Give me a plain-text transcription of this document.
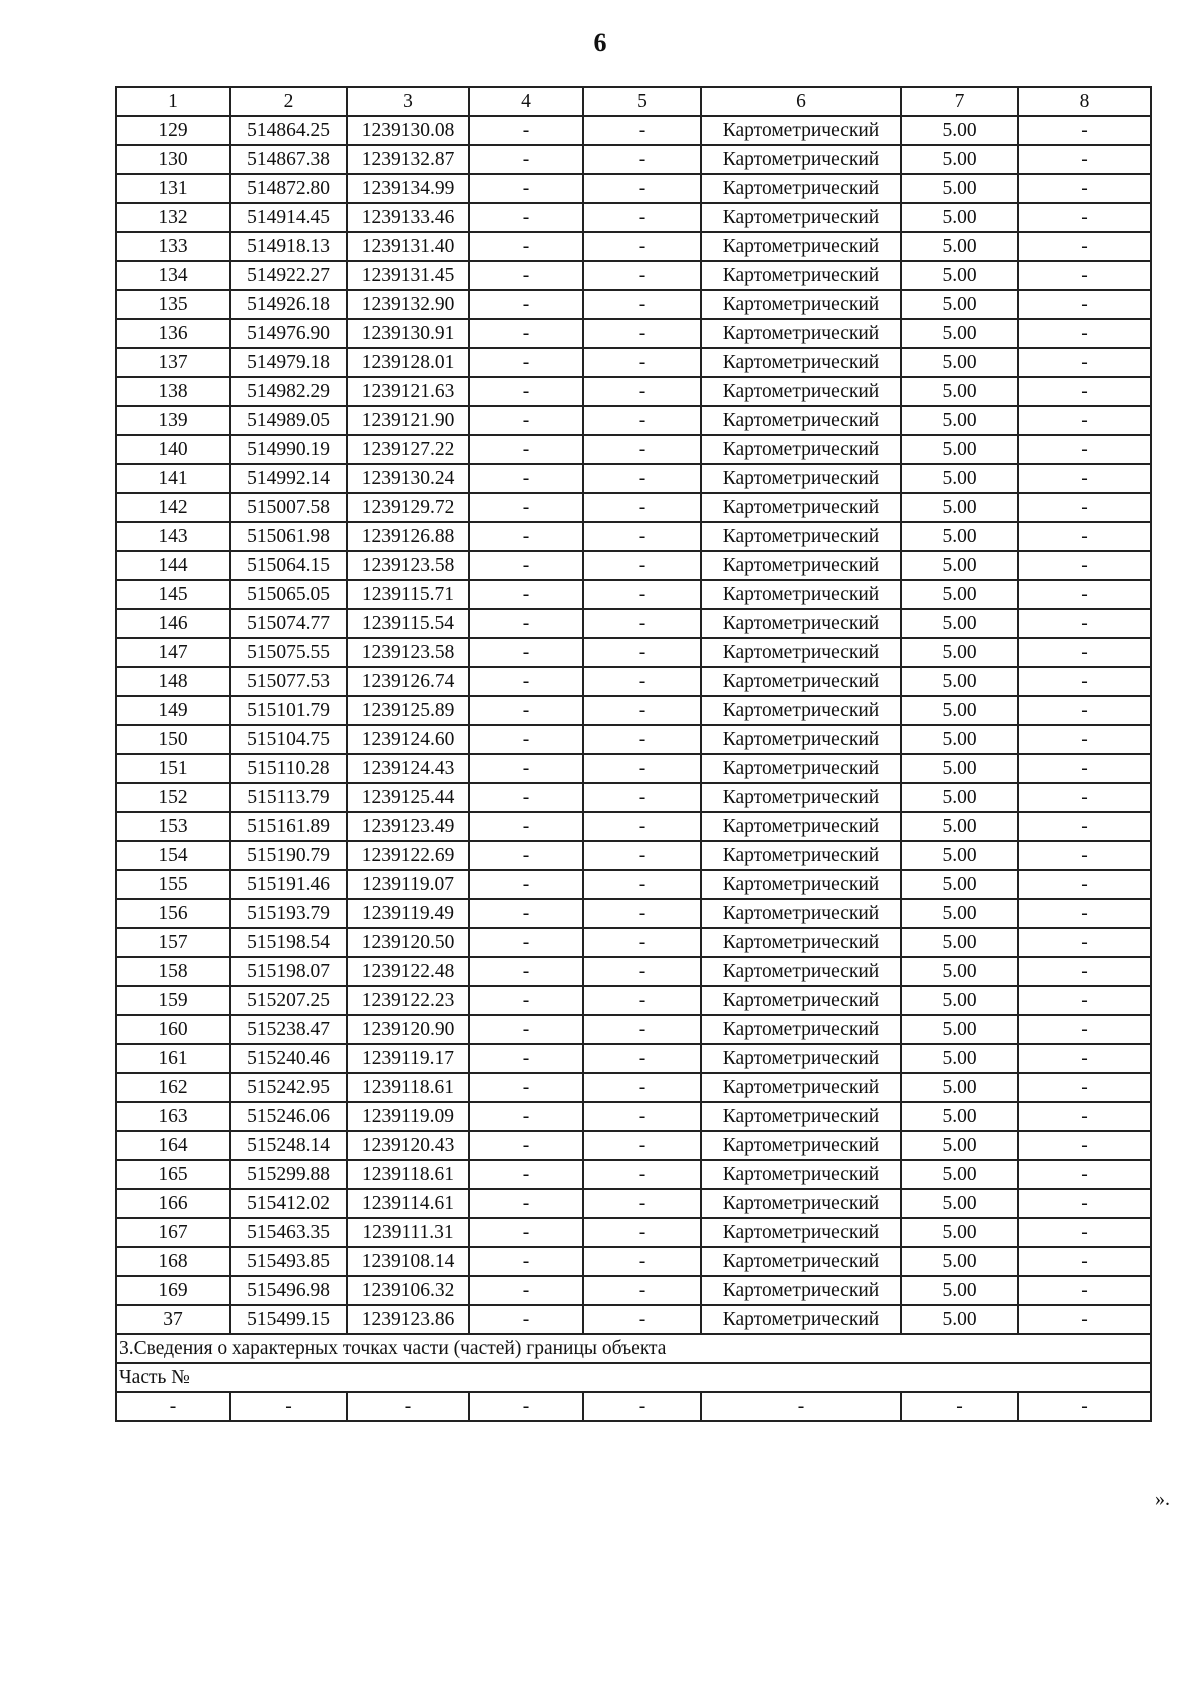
6
1	2	3	4	5	6	7	8
129	514864.25	1239130.08	-	-	Картометрический	5.00	-
130	514867.38	1239132.87	-	-	Картометрический	5.00	-
131	514872.80	1239134.99	-	-	Картометрический	5.00	-
132	514914.45	1239133.46	-	-	Картометрический	5.00	-
133	514918.13	1239131.40	-	-	Картометрический	5.00	-
134	514922.27	1239131.45	-	-	Картометрический	5.00	-
135	514926.18	1239132.90	-	-	Картометрический	5.00	-
136	514976.90	1239130.91	-	-	Картометрический	5.00	-
137	514979.18	1239128.01	-	-	Картометрический	5.00	-
138	514982.29	1239121.63	-	-	Картометрический	5.00	-
139	514989.05	1239121.90	-	-	Картометрический	5.00	-
140	514990.19	1239127.22	-	-	Картометрический	5.00	-
141	514992.14	1239130.24	-	-	Картометрический	5.00	-
142	515007.58	1239129.72	-	-	Картометрический	5.00	-
143	515061.98	1239126.88	-	-	Картометрический	5.00	-
144	515064.15	1239123.58	-	-	Картометрический	5.00	-
145	515065.05	1239115.71	-	-	Картометрический	5.00	-
146	515074.77	1239115.54	-	-	Картометрический	5.00	-
147	515075.55	1239123.58	-	-	Картометрический	5.00	-
148	515077.53	1239126.74	-	-	Картометрический	5.00	-
149	515101.79	1239125.89	-	-	Картометрический	5.00	-
150	515104.75	1239124.60	-	-	Картометрический	5.00	-
151	515110.28	1239124.43	-	-	Картометрический	5.00	-
152	515113.79	1239125.44	-	-	Картометрический	5.00	-
153	515161.89	1239123.49	-	-	Картометрический	5.00	-
154	515190.79	1239122.69	-	-	Картометрический	5.00	-
155	515191.46	1239119.07	-	-	Картометрический	5.00	-
156	515193.79	1239119.49	-	-	Картометрический	5.00	-
157	515198.54	1239120.50	-	-	Картометрический	5.00	-
158	515198.07	1239122.48	-	-	Картометрический	5.00	-
159	515207.25	1239122.23	-	-	Картометрический	5.00	-
160	515238.47	1239120.90	-	-	Картометрический	5.00	-
161	515240.46	1239119.17	-	-	Картометрический	5.00	-
162	515242.95	1239118.61	-	-	Картометрический	5.00	-
163	515246.06	1239119.09	-	-	Картометрический	5.00	-
164	515248.14	1239120.43	-	-	Картометрический	5.00	-
165	515299.88	1239118.61	-	-	Картометрический	5.00	-
166	515412.02	1239114.61	-	-	Картометрический	5.00	-
167	515463.35	1239111.31	-	-	Картометрический	5.00	-
168	515493.85	1239108.14	-	-	Картометрический	5.00	-
169	515496.98	1239106.32	-	-	Картометрический	5.00	-
37	515499.15	1239123.86	-	-	Картометрический	5.00	-
3.Сведения о характерных точках части (частей) границы объекта							
Часть №							
-	-	-	-	-	-	-	-
».
